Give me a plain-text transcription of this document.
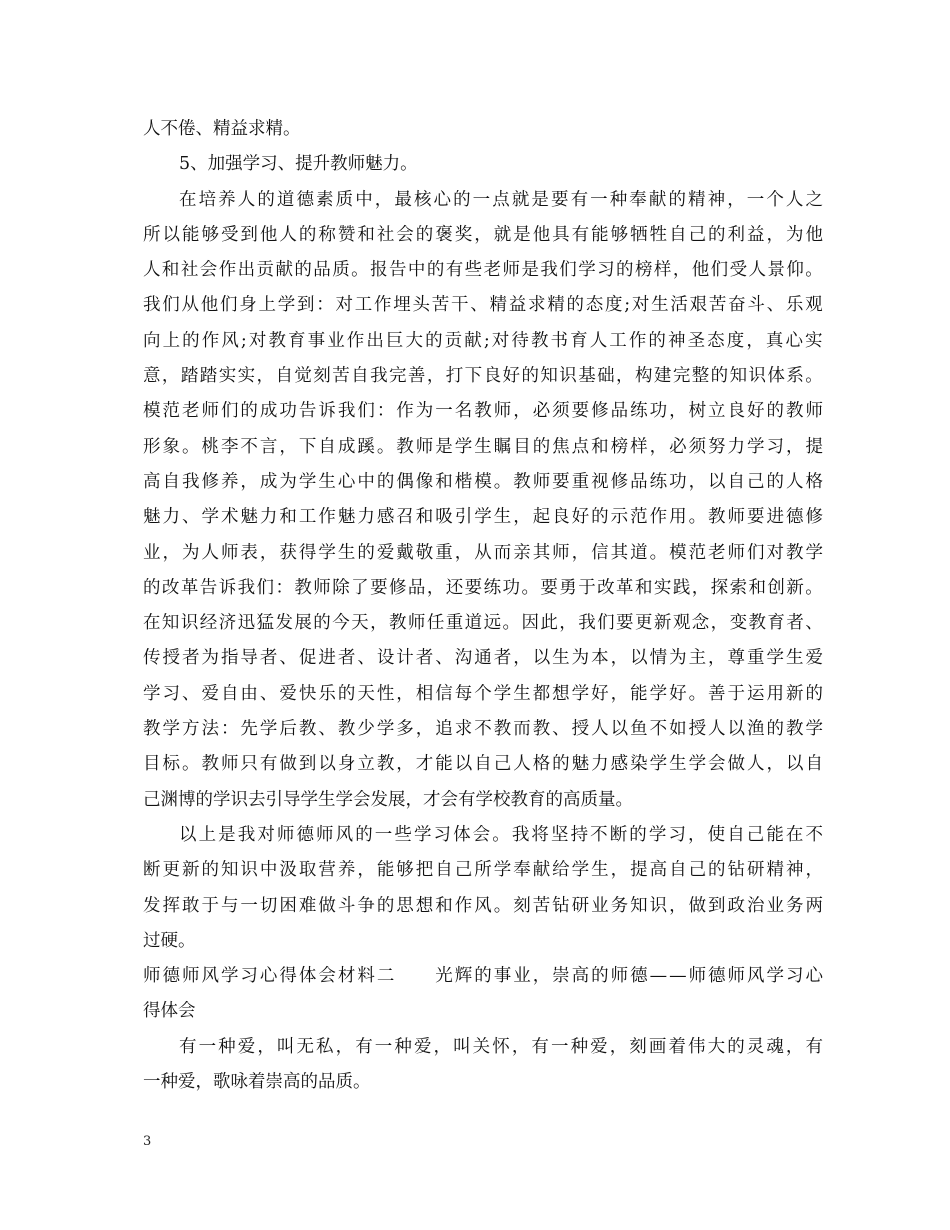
人不倦、精益求精。
5、加强学习、提升教师魅力。
在 培 养 人 的 道 德 素 质 中 ， 最 核 心 的 一 点 就 是 要 有 一 种 奉 献 的 精 神 ， 一 个 人 之
所 以 能 够 受 到 他 人 的 称 赞 和 社 会 的 褒 奖 ， 就 是 他 具 有 能 够 牺 牲 自 己 的 利 益 ， 为 他
人 和 社 会 作 出 贡 献 的 品 质 。 报 告 中 的 有 些 老 师 是 我 们 学 习 的 榜 样 ， 他 们 受 人 景 仰 。
我 们 从 他 们 身 上 学 到 ： 对 工 作 埋 头 苦 干 、 精 益 求 精 的 态 度 ; 对 生 活 艰 苦 奋 斗 、 乐 观
向 上 的 作 风 ; 对 教 育 事 业 作 出 巨 大 的 贡 献 ; 对 待 教 书 育 人 工 作 的 神 圣 态 度 ， 真 心 实
意 ， 踏 踏 实 实 ， 自 觉 刻 苦 自 我 完 善 ， 打 下 良 好 的 知 识 基 础 ， 构 建 完 整 的 知 识 体 系 。
模 范 老 师 们 的 成 功 告 诉 我 们 ： 作 为 一 名 教 师 ， 必 须 要 修 品 练 功 ， 树 立 良 好 的 教 师
形 象 。 桃 李 不 言 ， 下 自 成 蹊 。 教 师 是 学 生 瞩 目 的 焦 点 和 榜 样 ， 必 须 努 力 学 习 ， 提
高 自 我 修 养 ， 成 为 学 生 心 中 的 偶 像 和 楷 模 。 教 师 要 重 视 修 品 练 功 ， 以 自 己 的 人 格
魅 力 、 学 术 魅 力 和 工 作 魅 力 感 召 和 吸 引 学 生 ， 起 良 好 的 示 范 作 用 。 教 师 要 进 德 修
业 ， 为 人 师 表 ， 获 得 学 生 的 爱 戴 敬 重 ， 从 而 亲 其 师 ， 信 其 道 。 模 范 老 师 们 对 教 学
的 改 革 告 诉 我 们 ： 教 师 除 了 要 修 品 ， 还 要 练 功 。 要 勇 于 改 革 和 实 践 ， 探 索 和 创 新 。
在 知 识 经 济 迅 猛 发 展 的 今 天 ， 教 师 任 重 道 远 。 因 此 ， 我 们 要 更 新 观 念 ， 变 教 育 者 、
传 授 者 为 指 导 者 、 促 进 者 、 设 计 者 、 沟 通 者 ， 以 生 为 本 ， 以 情 为 主 ， 尊 重 学 生 爱
学 习 、 爱 自 由 、 爱 快 乐 的 天 性 ， 相 信 每 个 学 生 都 想 学 好 ， 能 学 好 。 善 于 运 用 新 的
教 学 方 法 ： 先 学 后 教 、 教 少 学 多 ， 追 求 不 教 而 教 、 授 人 以 鱼 不 如 授 人 以 渔 的 教 学
目 标 。 教 师 只 有 做 到 以 身 立 教 ， 才 能 以 自 己 人 格 的 魅 力 感 染 学 生 学 会 做 人 ， 以 自
己渊博的学识去引导学生学会发展，才会有学校教育的高质量。
以 上 是 我 对 师 德 师 风 的 一 些 学 习 体 会 。 我 将 坚 持 不 断 的 学 习 ， 使 自 己 能 在 不
断 更 新 的 知 识 中 汲 取 营 养 ， 能 够 把 自 己 所 学 奉 献 给 学 生 ， 提 高 自 己 的 钻 研 精 神 ，
发 挥 敢 于 与 一 切 困 难 做 斗 争 的 思 想 和 作 风 。 刻 苦 钻 研 业 务 知 识 ， 做 到 政 治 业 务 两
过硬。
师 德 师 风 学 习 心 得 体 会 材 料 二

　 光 辉 的 事 业 ， 崇 高 的 师 德 — — 师 德 师 风 学 习 心
得体会
有 一 种 爱 ， 叫 无 私 ， 有 一 种 爱 ， 叫 关 怀 ， 有 一 种 爱 ， 刻 画 着 伟 大 的 灵 魂 ， 有
一种爱，歌咏着崇高的品质。
3
